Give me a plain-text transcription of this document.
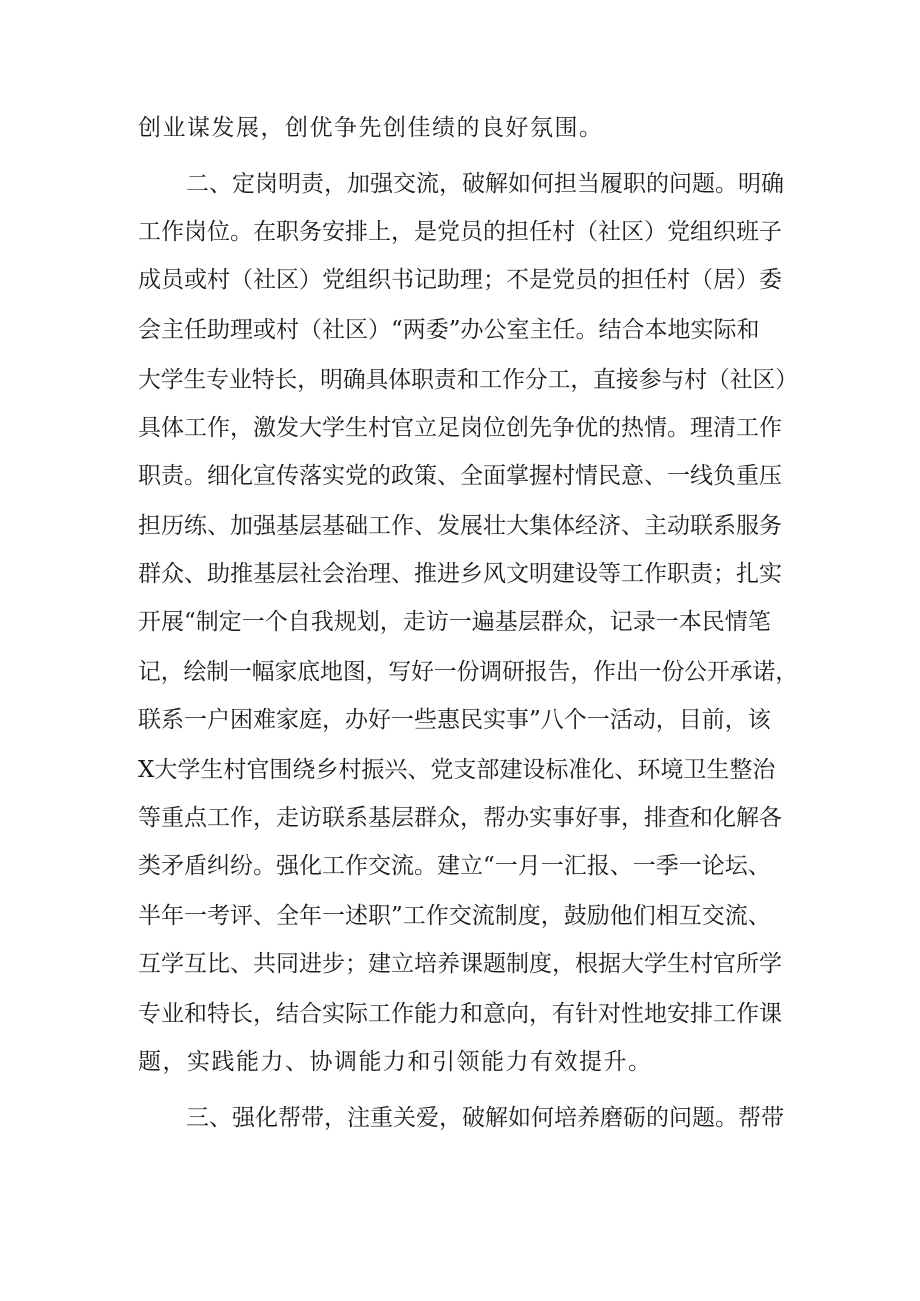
创业谋发展，创优争先创佳绩的良好氛围。
二、定岗明责，加强交流，破解如何担当履职的问题。明确
工作岗位。在职务安排上，是党员的担任村（社区）党组织班子
成员或村（社区）党组织书记助理；不是党员的担任村（居）委
会主任助理或村（社区）“两委”办公室主任。结合本地实际和
大学生专业特长，明确具体职责和工作分工，直接参与村（社区）
具体工作，激发大学生村官立足岗位创先争优的热情。理清工作
职责。细化宣传落实党的政策、全面掌握村情民意、一线负重压
担历练、加强基层基础工作、发展壮大集体经济、主动联系服务
群众、助推基层社会治理、推进乡风文明建设等工作职责；扎实
开展“制定一个自我规划，走访一遍基层群众，记录一本民情笔
记，绘制一幅家底地图，写好一份调研报告，作出一份公开承诺，
联系一户困难家庭，办好一些惠民实事”八个一活动，目前，该
X大学生村官围绕乡村振兴、党支部建设标准化、环境卫生整治
等重点工作，走访联系基层群众，帮办实事好事，排查和化解各
类矛盾纠纷。强化工作交流。建立“一月一汇报、一季一论坛、
半年一考评、全年一述职”工作交流制度，鼓励他们相互交流、
互学互比、共同进步；建立培养课题制度，根据大学生村官所学
专业和特长，结合实际工作能力和意向，有针对性地安排工作课
题，实践能力、协调能力和引领能力有效提升。
三、强化帮带，注重关爱，破解如何培养磨砺的问题。帮带
